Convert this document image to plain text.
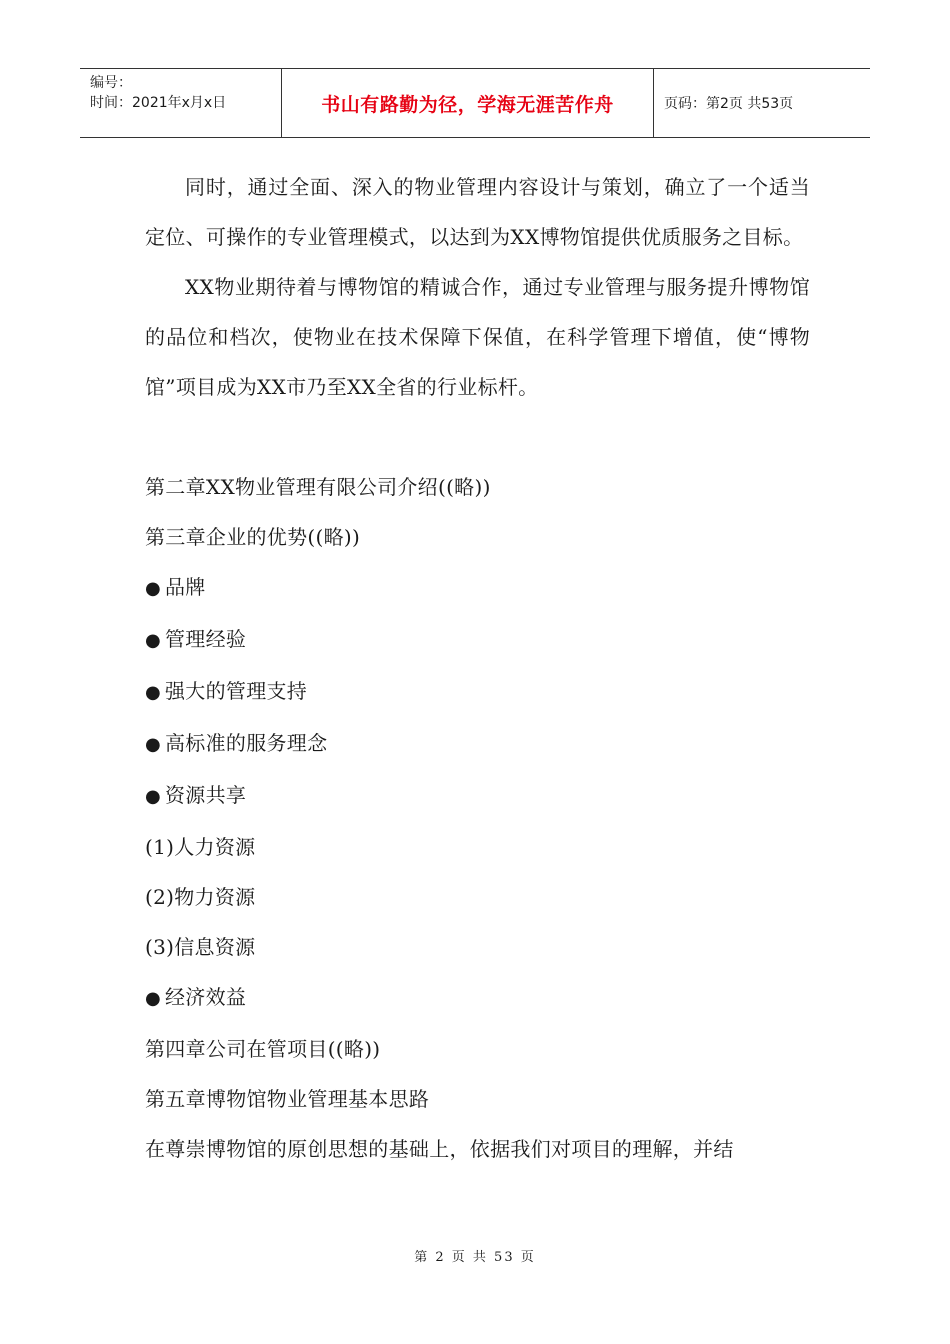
编号：
时间：2021年x月x日	书山有路勤为径，学海无涯苦作舟	页码：第2页 共53页

同时，通过全面、深入的物业管理内容设计与策划，确立了一个适当定位、可操作的专业管理模式，以达到为XX博物馆提供优质服务之目标。

XX物业期待着与博物馆的精诚合作，通过专业管理与服务提升博物馆的品位和档次，使物业在技术保障下保值，在科学管理下增值，使“博物馆”项目成为XX市乃至XX全省的行业标杆。

第二章XX物业管理有限公司介绍((略))

第三章企业的优势((略))

● 品牌

● 管理经验

● 强大的管理支持

● 高标准的服务理念

● 资源共享

(1)人力资源

(2)物力资源

(3)信息资源

● 经济效益

第四章公司在管项目((略))

第五章博物馆物业管理基本思路

在尊崇博物馆的原创思想的基础上，依据我们对项目的理解，并结

第 2 页 共 53 页
